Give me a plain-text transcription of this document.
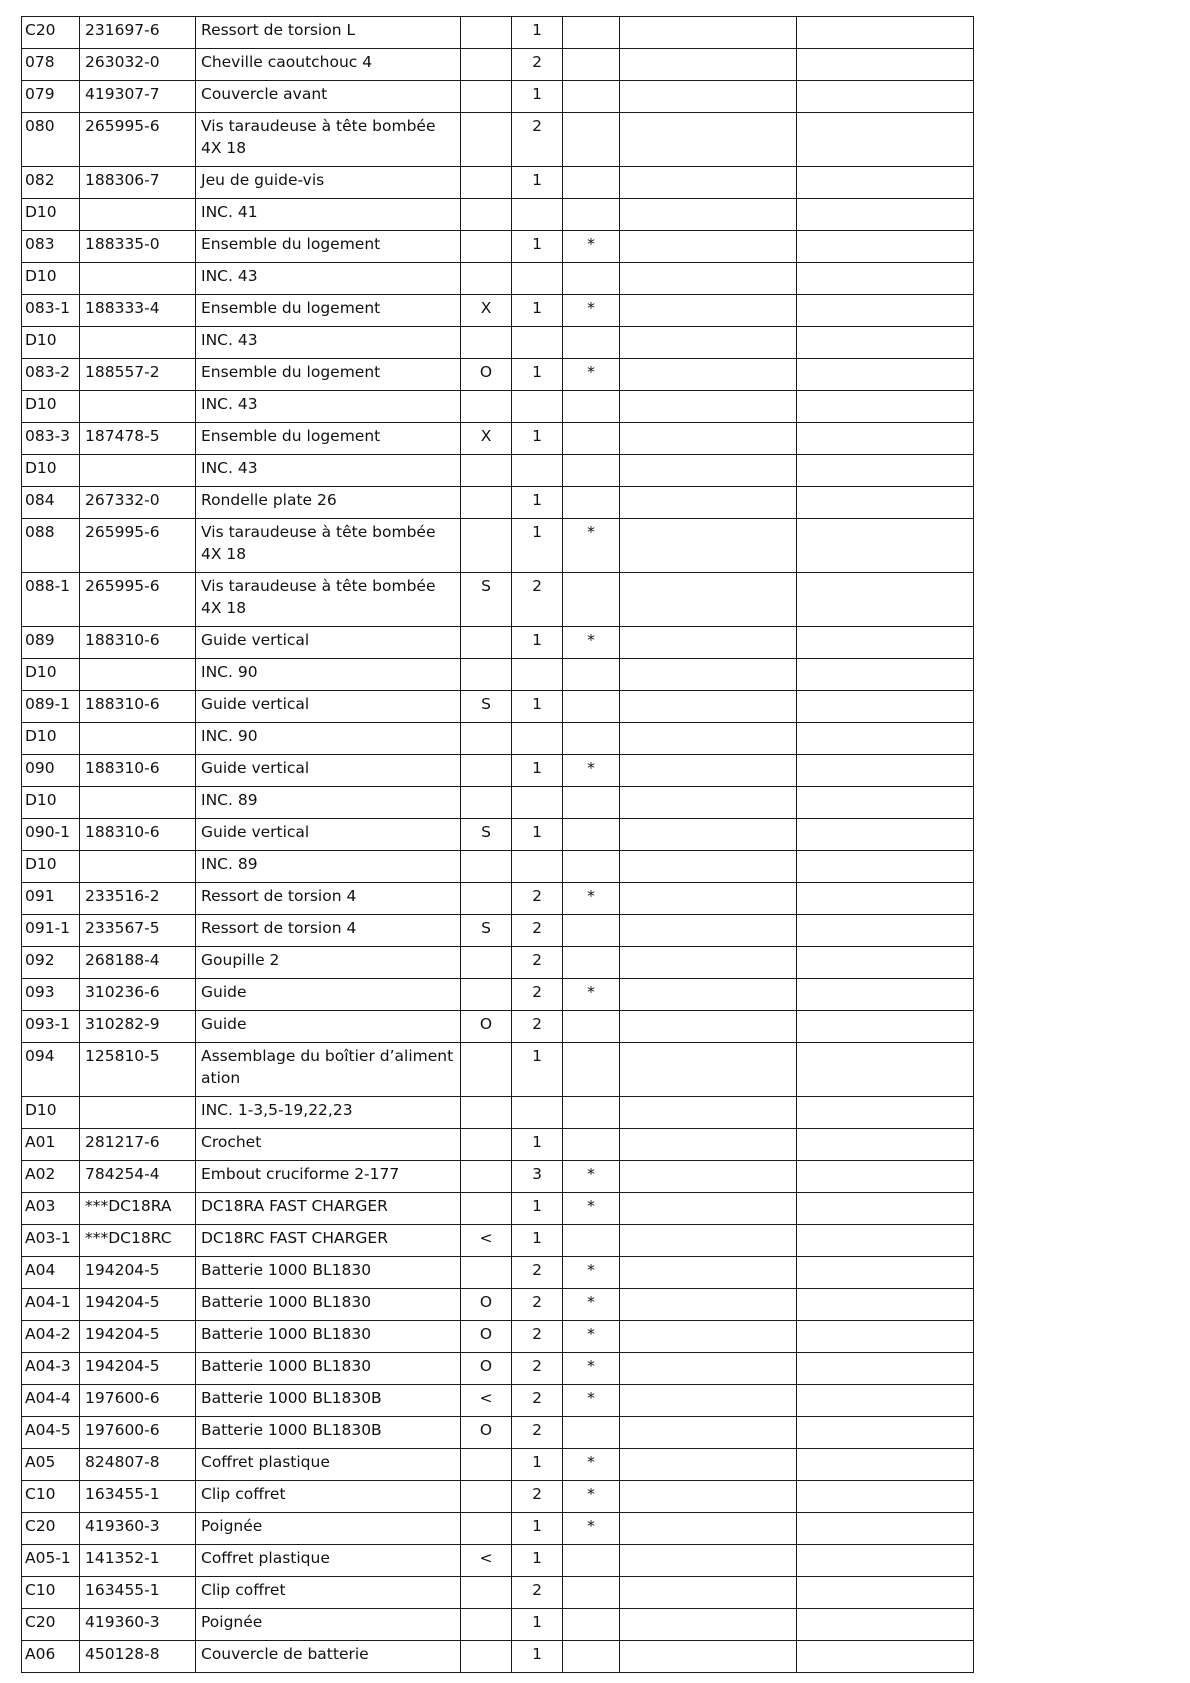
C20	231697-6	Ressort de torsion L		1			
078	263032-0	Cheville caoutchouc 4		2			
079	419307-7	Couvercle avant		1			
080	265995-6	Vis taraudeuse à tête bombée 4X 18		2			
082	188306-7	Jeu de guide-vis		1			
D10		INC. 41					
083	188335-0	Ensemble du logement		1	*		
D10		INC. 43					
083-1	188333-4	Ensemble du logement	X	1	*		
D10		INC. 43					
083-2	188557-2	Ensemble du logement	O	1	*		
D10		INC. 43					
083-3	187478-5	Ensemble du logement	X	1			
D10		INC. 43					
084	267332-0	Rondelle plate 26		1			
088	265995-6	Vis taraudeuse à tête bombée 4X 18		1	*		
088-1	265995-6	Vis taraudeuse à tête bombée 4X 18	S	2			
089	188310-6	Guide vertical		1	*		
D10		INC. 90					
089-1	188310-6	Guide vertical	S	1			
D10		INC. 90					
090	188310-6	Guide vertical		1	*		
D10		INC. 89					
090-1	188310-6	Guide vertical	S	1			
D10		INC. 89					
091	233516-2	Ressort de torsion 4		2	*		
091-1	233567-5	Ressort de torsion 4	S	2			
092	268188-4	Goupille 2		2			
093	310236-6	Guide		2	*		
093-1	310282-9	Guide	O	2			
094	125810-5	Assemblage du boîtier d’aliment ation		1			
D10		INC. 1-3,5-19,22,23					
A01	281217-6	Crochet		1			
A02	784254-4	Embout cruciforme 2-177		3	*		
A03	***DC18RA	DC18RA FAST CHARGER		1	*		
A03-1	***DC18RC	DC18RC FAST CHARGER	<	1			
A04	194204-5	Batterie 1000 BL1830		2	*		
A04-1	194204-5	Batterie 1000 BL1830	O	2	*		
A04-2	194204-5	Batterie 1000 BL1830	O	2	*		
A04-3	194204-5	Batterie 1000 BL1830	O	2	*		
A04-4	197600-6	Batterie 1000 BL1830B	<	2	*		
A04-5	197600-6	Batterie 1000 BL1830B	O	2			
A05	824807-8	Coffret plastique		1	*		
C10	163455-1	Clip coffret		2	*		
C20	419360-3	Poignée		1	*		
A05-1	141352-1	Coffret plastique	<	1			
C10	163455-1	Clip coffret		2			
C20	419360-3	Poignée		1			
A06	450128-8	Couvercle de batterie		1			
